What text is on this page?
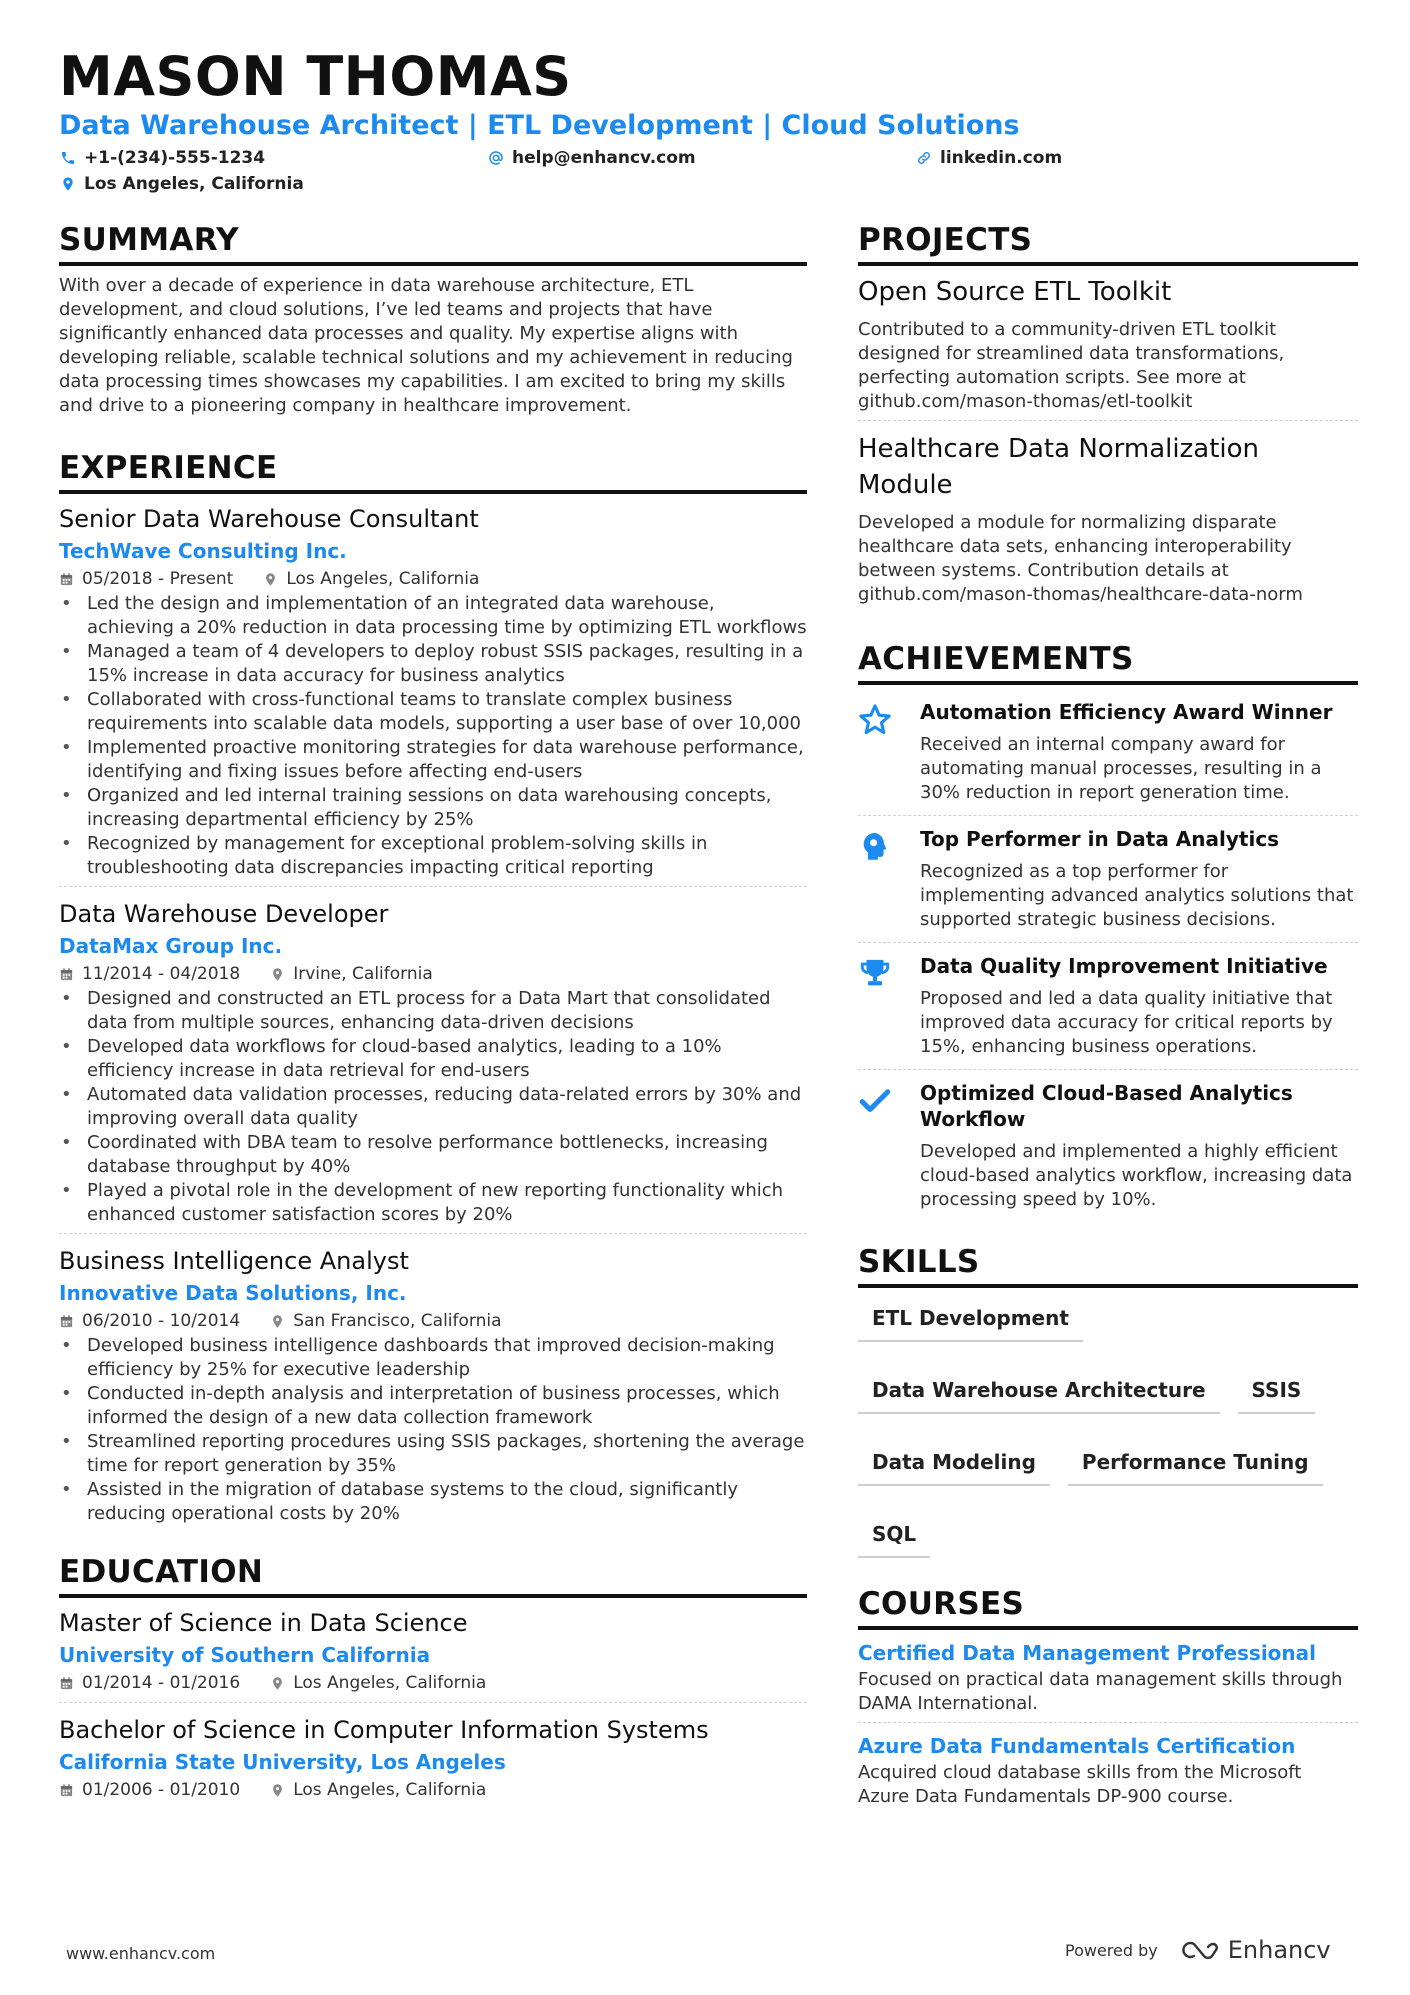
MASON THOMAS
Data Warehouse Architect | ETL Development | Cloud Solutions
+1-(234)-555-1234	help@enhancv.com	linkedin.com
Los Angeles, California
SUMMARY
With over a decade of experience in data warehouse architecture, ETL development, and cloud solutions, I’ve led teams and projects that have significantly enhanced data processes and quality. My expertise aligns with developing reliable, scalable technical solutions and my achievement in reducing data processing times showcases my capabilities. I am excited to bring my skills and drive to a pioneering company in healthcare improvement.
EXPERIENCE
Senior Data Warehouse Consultant
TechWave Consulting Inc.
05/2018 - Present	Los Angeles, California
• Led the design and implementation of an integrated data warehouse, achieving a 20% reduction in data processing time by optimizing ETL workflows
• Managed a team of 4 developers to deploy robust SSIS packages, resulting in a 15% increase in data accuracy for business analytics
• Collaborated with cross-functional teams to translate complex business requirements into scalable data models, supporting a user base of over 10,000
• Implemented proactive monitoring strategies for data warehouse performance, identifying and fixing issues before affecting end-users
• Organized and led internal training sessions on data warehousing concepts, increasing departmental efficiency by 25%
• Recognized by management for exceptional problem-solving skills in troubleshooting data discrepancies impacting critical reporting
Data Warehouse Developer
DataMax Group Inc.
11/2014 - 04/2018	Irvine, California
• Designed and constructed an ETL process for a Data Mart that consolidated data from multiple sources, enhancing data-driven decisions
• Developed data workflows for cloud-based analytics, leading to a 10% efficiency increase in data retrieval for end-users
• Automated data validation processes, reducing data-related errors by 30% and improving overall data quality
• Coordinated with DBA team to resolve performance bottlenecks, increasing database throughput by 40%
• Played a pivotal role in the development of new reporting functionality which enhanced customer satisfaction scores by 20%
Business Intelligence Analyst
Innovative Data Solutions, Inc.
06/2010 - 10/2014	San Francisco, California
• Developed business intelligence dashboards that improved decision-making efficiency by 25% for executive leadership
• Conducted in-depth analysis and interpretation of business processes, which informed the design of a new data collection framework
• Streamlined reporting procedures using SSIS packages, shortening the average time for report generation by 35%
• Assisted in the migration of database systems to the cloud, significantly reducing operational costs by 20%
EDUCATION
Master of Science in Data Science
University of Southern California
01/2014 - 01/2016	Los Angeles, California
Bachelor of Science in Computer Information Systems
California State University, Los Angeles
01/2006 - 01/2010	Los Angeles, California
PROJECTS
Open Source ETL Toolkit
Contributed to a community-driven ETL toolkit designed for streamlined data transformations, perfecting automation scripts. See more at github.com/mason-thomas/etl-toolkit
Healthcare Data Normalization Module
Developed a module for normalizing disparate healthcare data sets, enhancing interoperability between systems. Contribution details at github.com/mason-thomas/healthcare-data-norm
ACHIEVEMENTS
Automation Efficiency Award Winner
Received an internal company award for automating manual processes, resulting in a 30% reduction in report generation time.
Top Performer in Data Analytics
Recognized as a top performer for implementing advanced analytics solutions that supported strategic business decisions.
Data Quality Improvement Initiative
Proposed and led a data quality initiative that improved data accuracy for critical reports by 15%, enhancing business operations.
Optimized Cloud-Based Analytics Workflow
Developed and implemented a highly efficient cloud-based analytics workflow, increasing data processing speed by 10%.
SKILLS
ETL Development
Data Warehouse Architecture	SSIS
Data Modeling	Performance Tuning
SQL
COURSES
Certified Data Management Professional
Focused on practical data management skills through DAMA International.
Azure Data Fundamentals Certification
Acquired cloud database skills from the Microsoft Azure Data Fundamentals DP-900 course.
www.enhancv.com	Powered by	Enhancv
